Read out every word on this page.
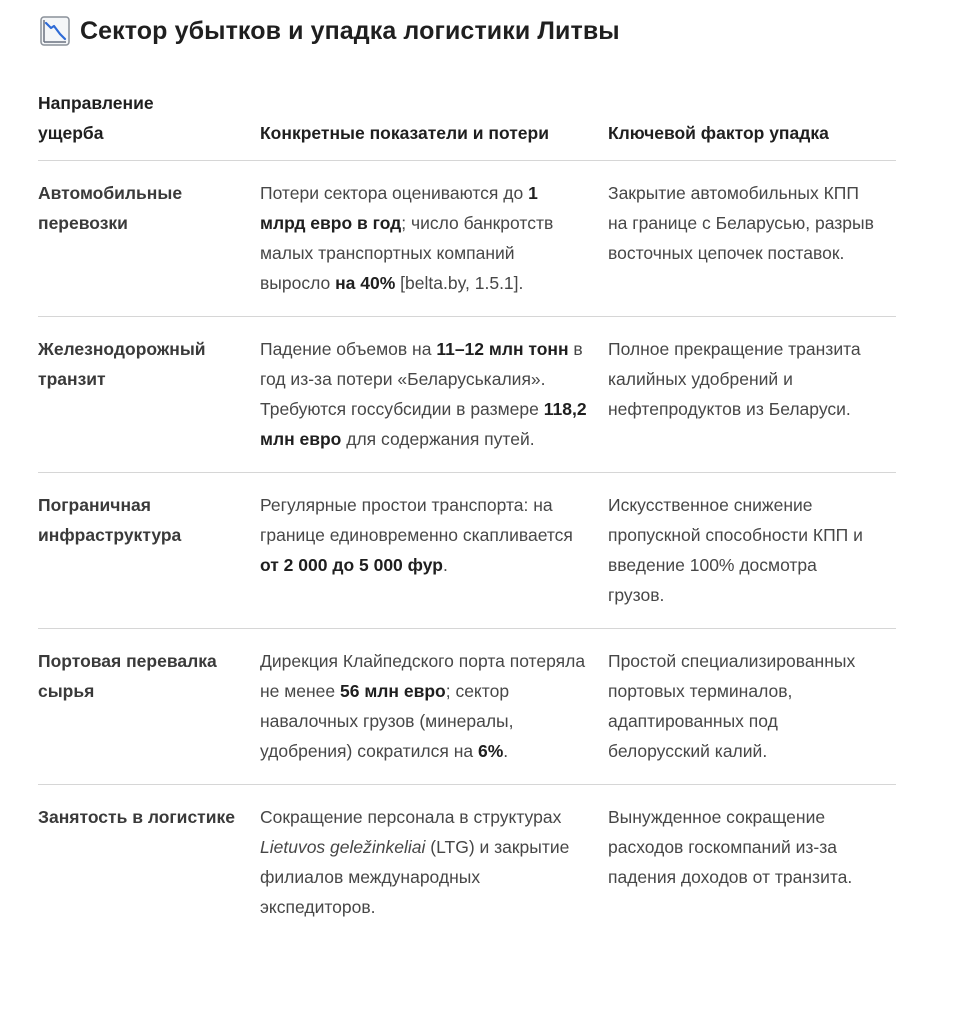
Сектор убытков и упадка логистики Литвы
Направление
ущерба	Конкретные показатели и потери	Ключевой фактор упадка
Автомобильные перевозки	Потери сектора оцениваются до 1 млрд евро в год; число банкротств малых транспортных компаний выросло на 40% [belta.by, 1.5.1].	Закрытие автомобильных КПП на границе с Беларусью, разрыв восточных цепочек поставок.
Железнодорожный транзит	Падение объемов на 11–12 млн тонн в год из-за потери «Беларуськалия». Требуются госсубсидии в размере 118,2 млн евро для содержания путей.	Полное прекращение транзита калийных удобрений и нефтепродуктов из Беларуси.
Пограничная инфраструктура	Регулярные простои транспорта: на границе единовременно скапливается от 2 000 до 5 000 фур.	Искусственное снижение пропускной способности КПП и введение 100% досмотра грузов.
Портовая перевалка сырья	Дирекция Клайпедского порта потеряла не менее 56 млн евро; сектор навалочных грузов (минералы, удобрения) сократился на 6%.	Простой специализированных портовых терминалов, адаптированных под белорусский калий.
Занятость в логистике	Сокращение персонала в структурах Lietuvos geležinkeliai (LTG) и закрытие филиалов международных экспедиторов.	Вынужденное сокращение расходов госкомпаний из-за падения доходов от транзита.
